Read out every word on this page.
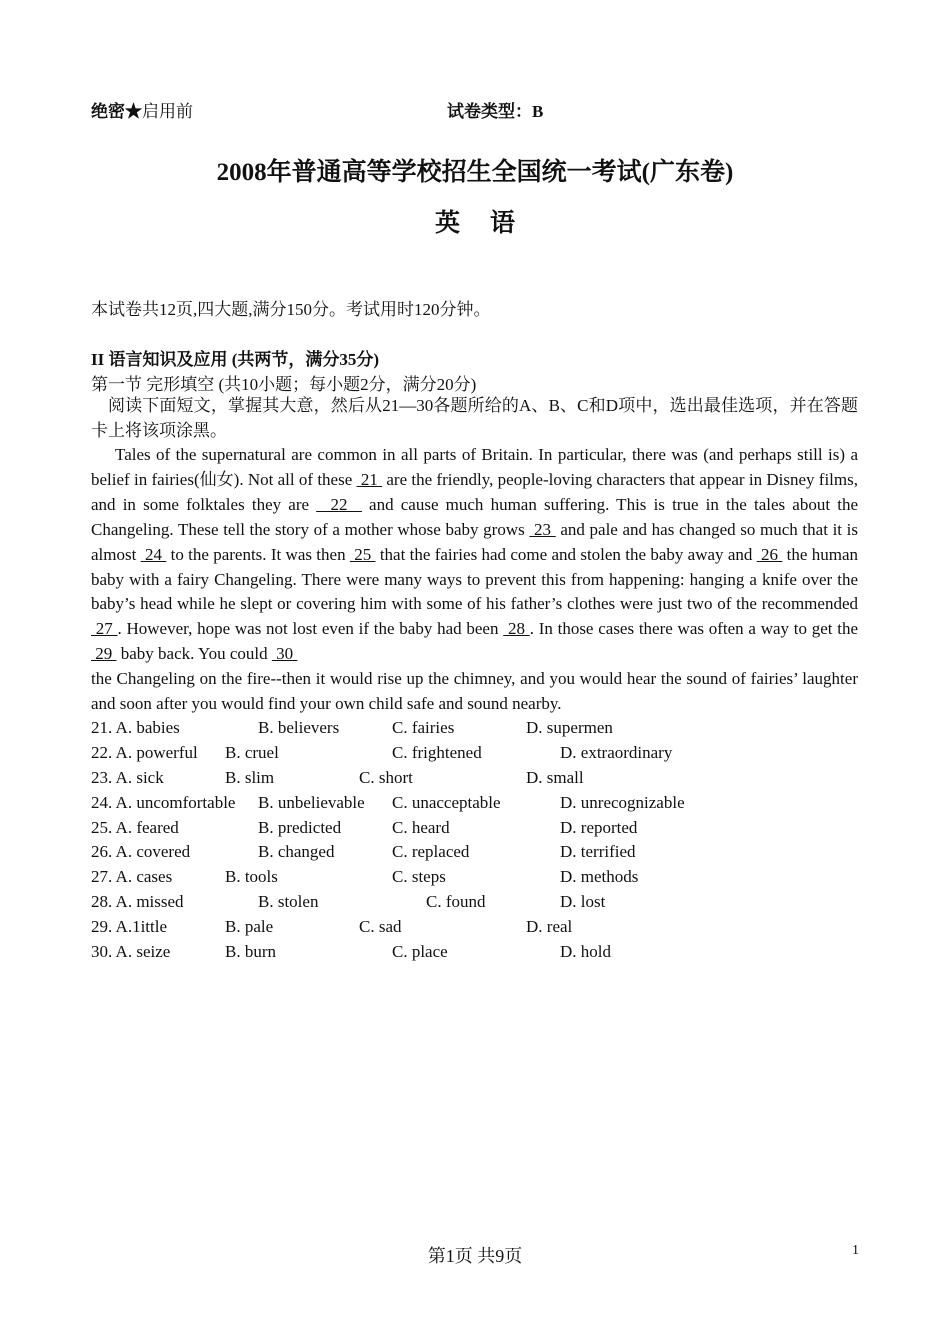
绝密★启用前	试卷类型：B
2008年普通高等学校招生全国统一考试(广东卷)
英语
本试卷共12页,四大题,满分150分。考试用时120分钟。
II 语言知识及应用 (共两节，满分35分)
第一节 完形填空 (共10小题；每小题2分，满分20分)
阅读下面短文，掌握其大意，然后从21—30各题所给的A、B、C和D项中，选出最佳选项，并在答题卡上将该项涂黑。
Tales of the supernatural are common in all parts of Britain. In particular, there was (and perhaps still is) a belief in fairies(仙女). Not all of these  21  are the friendly, people-loving characters that appear in Disney films, and in some folktales they are   22   and cause much human suffering. This is true in the tales about the Changeling. These tell the story of a mother whose baby grows  23  and pale and has changed so much that it is almost  24  to the parents. It was then  25  that the fairies had come and stolen the baby away and  26  the human baby with a fairy Changeling. There were many ways to prevent this from happening: hanging a knife over the baby’s head while he slept or covering him with some of his father’s clothes were just two of the recommended  27 . However, hope was not lost even if the baby had been  28 . In those cases there was often a way to get the  29  baby back. You could  30
the Changeling on the fire--then it would rise up the chimney, and you would hear the sound of fairies’ laughter and soon after you would find your own child safe and sound nearby.
21. A. babies	B. believers	C. fairies	D. supermen
22. A. powerful B. cruel	C. frightened	D. extraordinary
23. A. sick	B. slim	C. short	D. small
24. A. uncomfortable B. unbelievable C. unacceptable	D. unrecognizable
25. A. feared	B. predicted	C. heard	D. reported
26. A. covered	B. changed	C. replaced	D. terrified
27. A. cases	B. tools	C. steps	D. methods
28. A. missed	B. stolen	C. found	D. lost
29. A.1ittle	B. pale	C. sad	D. real
30. A. seize	B. burn	C. place	D. hold
第1页 共9页	1
